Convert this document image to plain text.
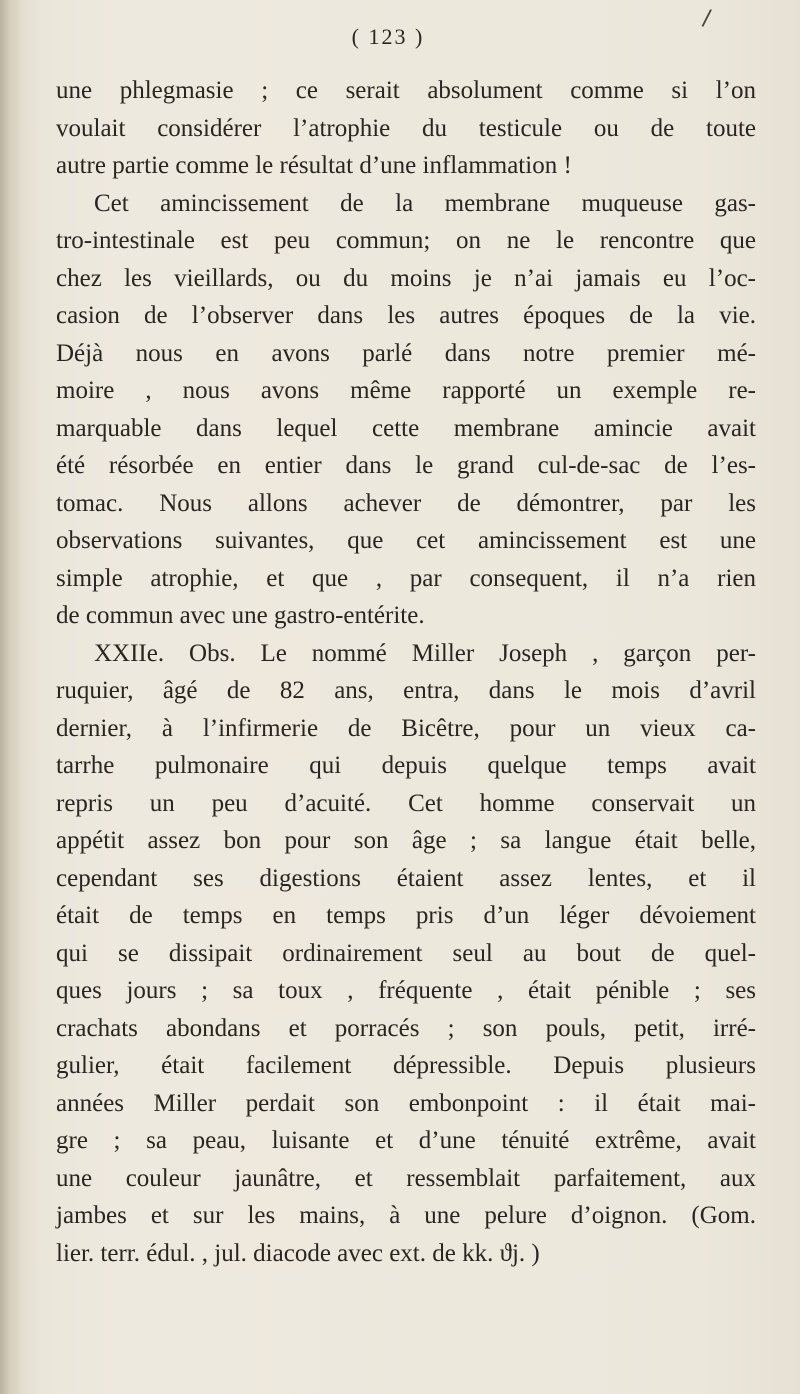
/
( 123 )
une phlegmasie ; ce serait absolument comme si l’on
voulait considérer l’atrophie du testicule ou de toute
autre partie comme le résultat d’une inflammation !
Cet amincissement de la membrane muqueuse gas-
tro-intestinale est peu commun; on ne le rencontre que
chez les vieillards, ou du moins je n’ai jamais eu l’oc-
casion de l’observer dans les autres époques de la vie.
Déjà nous en avons parlé dans notre premier mé-
moire , nous avons même rapporté un exemple re-
marquable dans lequel cette membrane amincie avait
été résorbée en entier dans le grand cul-de-sac de l’es-
tomac. Nous allons achever de démontrer, par les
observations suivantes, que cet amincissement est une
simple atrophie, et que , par consequent, il n’a rien
de commun avec une gastro-entérite.
XXIIe. Obs. Le nommé Miller Joseph , garçon per-
ruquier, âgé de 82 ans, entra, dans le mois d’avril
dernier, à l’infirmerie de Bicêtre, pour un vieux ca-
tarrhe pulmonaire qui depuis quelque temps avait
repris un peu d’acuité. Cet homme conservait un
appétit assez bon pour son âge ; sa langue était belle,
cependant ses digestions étaient assez lentes, et il
était de temps en temps pris d’un léger dévoiement
qui se dissipait ordinairement seul au bout de quel-
ques jours ; sa toux , fréquente , était pénible ; ses
crachats abondans et porracés ; son pouls, petit, irré-
gulier, était facilement dépressible. Depuis plusieurs
années Miller perdait son embonpoint : il était mai-
gre ; sa peau, luisante et d’une ténuité extrême, avait
une couleur jaunâtre, et ressemblait parfaitement, aux
jambes et sur les mains, à une pelure d’oignon. (Gom.
lier. terr. édul. , jul. diacode avec ext. de kk. ϑj. )
